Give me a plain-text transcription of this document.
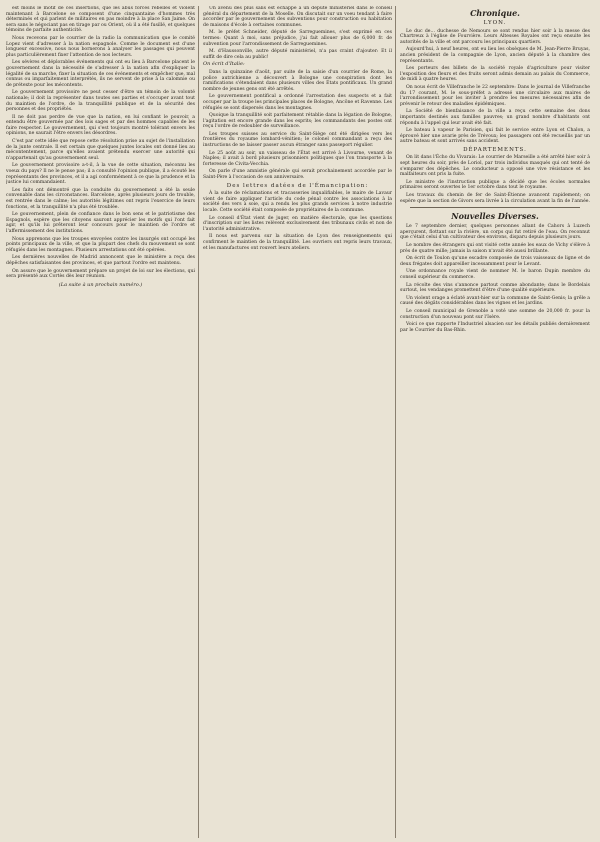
est moins le motif de ces insertions, que les abus forcés rebelles et violent maintenant à Barcelone se composent d'une cinquantaine d'hommes très déterminés et qui parlent de militaires en pas moindre à la place San Jaime. On sera sans le négociant pas en tirage par ou Orient, où il a été fusillé, et quelques témoins de parfaite authenticité.

Nous recevons par le courrier de la radio la communication que le comité Lopez vient d'adresser à la nation espagnole. Comme le document est d'une longueur excessive, nous nous bornerons à analyser les passages qui peuvent plus particulièrement fixer l'attention de nos lecteurs.

Les sévères et déplorables événements qui ont eu lieu à Barcelone placent le gouvernement dans la nécessité de s'adresser à la nation afin d'expliquer la légalité de sa marche, fixer la situation de ces événements et empêcher que, mal connus ou imparfaitement interprétés, ils ne servent de prise à la calomnie ou de prétexte pour les mécontents.

Le gouvernement provisoire ne peut cesser d'être un témoin de la volonté nationale; il doit la représenter dans toutes ses parties et s'occuper avant tout du maintien de l'ordre, de la tranquillité publique et de la sécurité des personnes et des propriétés.

Il ne doit pas perdre de vue que la nation, en lui confiant le pouvoir, a entendu être gouvernée par des lois sages et par des hommes capables de les faire respecter. Le gouvernement, qui s'est toujours montré tolérant envers les opinions, ne saurait l'être envers les désordres.

C'est par cette idée que repose cette résolution prise au sujet de l'installation de la junte centrale. Il est certain que quelques juntes locales ont donné lieu au mécontentement, parce qu'elles avaient prétendu exercer une autorité qui n'appartenait qu'au gouvernement seul.

Le gouvernement provisoire a-t-il, à la vue de cette situation, méconnu les voeux du pays? Il ne le pense pas; il a consulté l'opinion publique, il a écouté les représentants des provinces, et il a agi conformément à ce que la prudence et la justice lui commandaient.

Les faits ont démontré que la conduite du gouvernement a été la seule convenable dans les circonstances. Barcelone, après plusieurs jours de trouble, est rentrée dans le calme; les autorités légitimes ont repris l'exercice de leurs fonctions, et la tranquillité n'a plus été troublée.

Le gouvernement, plein de confiance dans le bon sens et le patriotisme des Espagnols, espère que les citoyens sauront apprécier les motifs qui l'ont fait agir, et qu'ils lui prêteront leur concours pour le maintien de l'ordre et l'affermissement des institutions.

Nous apprenons que les troupes envoyées contre les insurgés ont occupé les points principaux de la ville, et que la plupart des chefs du mouvement se sont réfugiés dans les montagnes. Plusieurs arrestations ont été opérées.

Les dernières nouvelles de Madrid annoncent que le ministère a reçu des dépêches satisfaisantes des provinces, et que partout l'ordre est maintenu.

On assure que le gouvernement prépare un projet de loi sur les élections, qui sera présenté aux Cortès dès leur réunion.

(La suite à un prochain numéro.)

Un avenu des plus salis est échappé à un député ministériel dans le conseil général du département de la Moselle. On discutait sur un voeu tendant à faire accorder par le gouvernement des subventions pour construction ou habitation de maisons d'école à certaines communes.

M. le préfet Schneider, député de Sarreguemines, s'est exprimé en ces termes: Quant à moi, sans préjudice, j'ai fait allouer plus de 6,000 fr. de subvention pour l'arrondissement de Sarreguemines.

M. d'Haussonville, autre député ministériel, n'a pas craint d'ajouter: Et il suffit de dire cela au public!

On écrit d'Italie:

Dans la quinzaine d'août, par suite de la saisie d'un courrier de Rome, la police autrichienne a découvert à Bologne une conspiration dont les ramifications s'étendaient dans plusieurs villes des États pontificaux. Un grand nombre de jeunes gens ont été arrêtés.

Le gouvernement pontifical a ordonné l'arrestation des suspects et a fait occuper par la troupe les principales places de Bologne, Ancône et Ravenne. Les réfugiés se sont dispersés dans les montagnes.

Quoique la tranquillité soit parfaitement rétablie dans la légation de Bologne, l'agitation est encore grande dans les esprits; les commandants des postes ont reçu l'ordre de redoubler de surveillance.

Les troupes suisses au service du Saint-Siège ont été dirigées vers les frontières du royaume lombard-vénitien; le colonel commandant a reçu des instructions de ne laisser passer aucun étranger sans passeport régulier.

Le 25 août au soir, un vaisseau de l'État est arrivé à Livourne, venant de Naples; il avait à bord plusieurs prisonniers politiques que l'on transporte à la forteresse de Civita-Vecchia.

On parle d'une amnistie générale qui serait prochainement accordée par le Saint-Père à l'occasion de son anniversaire.

Des lettres datées de l'Émancipation:

À la suite de réclamations et tracasseries inqualifiables, le maire de Lavaur vient de faire appliquer l'article du code pénal contre les associations à la société des vers à soie, qui a rendu les plus grands services à notre industrie locale. Cette société était composée de propriétaires de la commune.

Le conseil d'État vient de juger, en matière électorale, que les questions d'inscription sur les listes relèvent exclusivement des tribunaux civils et non de l'autorité administrative.

Il nous est parvenu sur la situation de Lyon des renseignements qui confirment le maintien de la tranquillité. Les ouvriers ont repris leurs travaux, et les manufactures ont rouvert leurs ateliers.

Chronique.
LYON.

Le duc de... duchesse de Nemours se sont rendus hier soir à la messe des Chartreux à l'église de Fourvière. Leurs Altesses Royales ont reçu ensuite les autorités de la ville et ont parcouru les principaux quartiers.

Aujourd'hui, à neuf heures, ont eu lieu les obsèques de M. Jean-Pierre Bruyas, ancien président de la compagnie de Lyon, ancien député à la chambre des représentants.

Les porteurs des billets de la société royale d'agriculture pour visiter l'exposition des fleurs et des fruits seront admis demain au palais du Commerce, de midi à quatre heures.

On nous écrit de Villefranche le 22 septembre: Dans le journal de Villefranche du 17 courant, M. le sous-préfet a adressé une circulaire aux maires de l'arrondissement pour les inviter à prendre les mesures nécessaires afin de prévenir le retour des maladies épidémiques.

La Société de bienfaisance de la ville a reçu cette semaine des dons importants destinés aux familles pauvres; un grand nombre d'habitants ont répondu à l'appel qui leur avait été fait.

Le bateau à vapeur le Parisien, qui fait le service entre Lyon et Chalon, a éprouvé hier une avarie près de Trévoux; les passagers ont été recueillis par un autre bateau et sont arrivés sans accident.

DÉPARTEMENTS.

On lit dans l'Écho du Vivarais: Le courrier de Marseille a été arrêté hier soir à sept heures du soir, près de Loriol, par trois individus masqués qui ont tenté de s'emparer des dépêches. Le conducteur a opposé une vive résistance et les malfaiteurs ont pris la fuite.

Le ministre de l'instruction publique a décidé que les écoles normales primaires seront ouvertes le 1er octobre dans tout le royaume.

Les travaux du chemin de fer de Saint-Étienne avancent rapidement; on espère que la section de Givors sera livrée à la circulation avant la fin de l'année.

Nouvelles Diverses.

Le 7 septembre dernier, quelques personnes allant de Cahors à Luzech aperçurent, flottant sur la rivière, un corps qui fut retiré de l'eau. On reconnut que c'était celui d'un cultivateur des environs, disparu depuis plusieurs jours.

Le nombre des étrangers qui ont visité cette année les eaux de Vichy s'élève à près de quatre mille; jamais la saison n'avait été aussi brillante.

On écrit de Toulon qu'une escadre composée de trois vaisseaux de ligne et de deux frégates doit appareiller incessamment pour le Levant.

Une ordonnance royale vient de nommer M. le baron Dupin membre du conseil supérieur du commerce.

La récolte des vins s'annonce partout comme abondante; dans le Bordelais surtout, les vendanges promettent d'être d'une qualité supérieure.

Un violent orage a éclaté avant-hier sur la commune de Saint-Genis; la grêle a causé des dégâts considérables dans les vignes et les jardins.

Le conseil municipal de Grenoble a voté une somme de 20,000 fr. pour la construction d'un nouveau pont sur l'Isère.

Voici ce que rapporte l'Industriel alsacien sur les détails publiés dernièrement par le Courrier du Bas-Rhin.
